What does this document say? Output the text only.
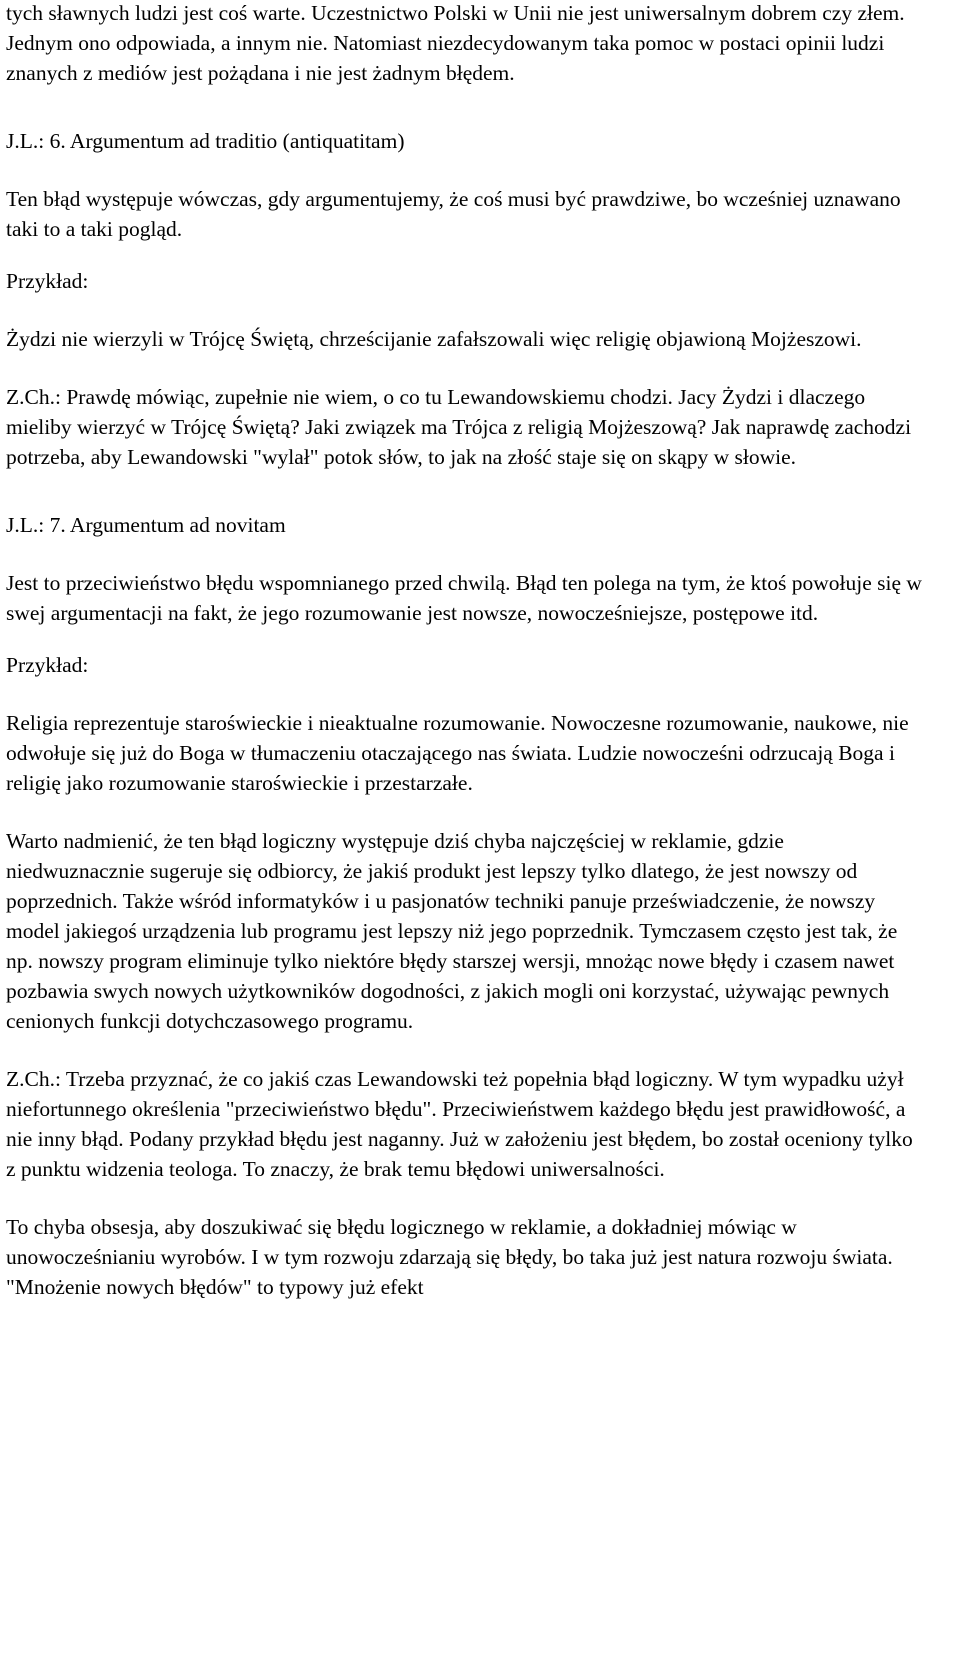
tych sławnych ludzi jest coś warte. Uczestnictwo Polski w Unii nie jest uniwersalnym dobrem czy złem. Jednym ono odpowiada, a innym nie. Natomiast niezdecydowanym taka pomoc w postaci opinii ludzi znanych z mediów jest pożądana i nie jest żadnym błędem.

J.L.: 6. Argumentum ad traditio (antiquatitam)

Ten błąd występuje wówczas, gdy argumentujemy, że coś musi być prawdziwe, bo wcześniej uznawano taki to a taki pogląd.

Przykład:

Żydzi nie wierzyli w Trójcę Świętą, chrześcijanie zafałszowali więc religię objawioną Mojżeszowi.

Z.Ch.: Prawdę mówiąc, zupełnie nie wiem, o co tu Lewandowskiemu chodzi. Jacy Żydzi i dlaczego mieliby wierzyć w Trójcę Świętą? Jaki związek ma Trójca z religią Mojżeszową? Jak naprawdę zachodzi potrzeba, aby Lewandowski "wylał" potok słów, to jak na złość staje się on skąpy w słowie.

J.L.: 7. Argumentum ad novitam

Jest to przeciwieństwo błędu wspomnianego przed chwilą. Błąd ten polega na tym, że ktoś powołuje się w swej argumentacji na fakt, że jego rozumowanie jest nowsze, nowocześniejsze, postępowe itd.

Przykład:

Religia reprezentuje staroświeckie i nieaktualne rozumowanie. Nowoczesne rozumowanie, naukowe, nie odwołuje się już do Boga w tłumaczeniu otaczającego nas świata. Ludzie nowocześni odrzucają Boga i religię jako rozumowanie staroświeckie i przestarzałe.

Warto nadmienić, że ten błąd logiczny występuje dziś chyba najczęściej w reklamie, gdzie niedwuznacznie sugeruje się odbiorcy, że jakiś produkt jest lepszy tylko dlatego, że jest nowszy od poprzednich. Także wśród informatyków i u pasjonatów techniki panuje przeświadczenie, że nowszy model jakiegoś urządzenia lub programu jest lepszy niż jego poprzednik. Tymczasem często jest tak, że np. nowszy program eliminuje tylko niektóre błędy starszej wersji, mnożąc nowe błędy i czasem nawet pozbawia swych nowych użytkowników dogodności, z jakich mogli oni korzystać, używając pewnych cenionych funkcji dotychczasowego programu.

Z.Ch.: Trzeba przyznać, że co jakiś czas Lewandowski też popełnia błąd logiczny. W tym wypadku użył niefortunnego określenia "przeciwieństwo błędu". Przeciwieństwem każdego błędu jest prawidłowość, a nie inny błąd. Podany przykład błędu jest naganny. Już w założeniu jest błędem, bo został oceniony tylko z punktu widzenia teologa. To znaczy, że brak temu błędowi uniwersalności.

To chyba obsesja, aby doszukiwać się błędu logicznego w reklamie, a dokładniej mówiąc w unowocześnianiu wyrobów. I w tym rozwoju zdarzają się błędy, bo taka już jest natura rozwoju świata. "Mnożenie nowych błędów" to typowy już efekt
